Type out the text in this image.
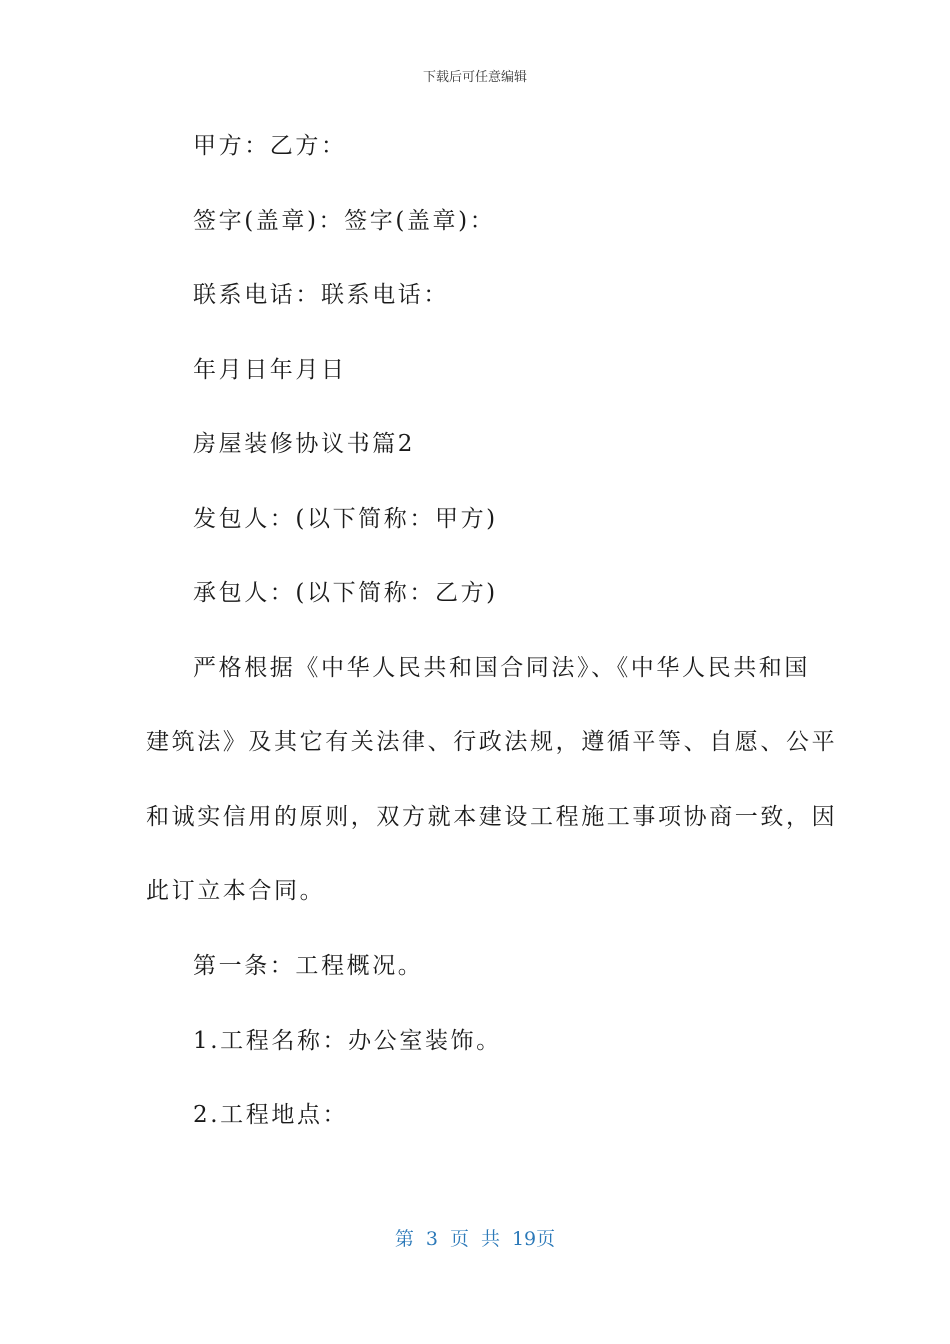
下载后可任意编辑

甲方：乙方：

签字(盖章)：签字(盖章)：

联系电话：联系电话：

年月日年月日

房屋装修协议书篇2

发包人：(以下简称：甲方)

承包人：(以下简称：乙方)

严格根据《中华人民共和国合同法》、《中华人民共和国

建筑法》及其它有关法律、行政法规，遵循平等、自愿、公平

和诚实信用的原则，双方就本建设工程施工事项协商一致，因

此订立本合同。

第一条：工程概况。

1.工程名称：办公室装饰。

2.工程地点：

第 3 页 共 19页
